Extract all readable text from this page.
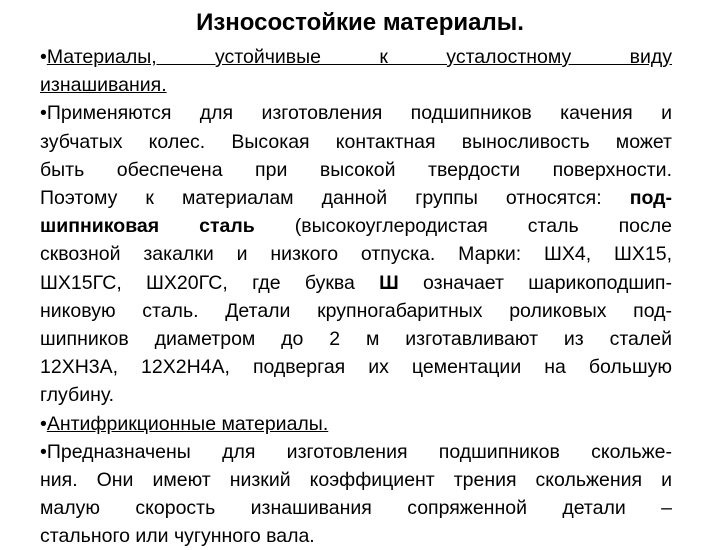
Износостойкие материалы.
•Материалы, устойчивые к усталостному виду
изнашивания.
•Применяются для изготовления подшипников качения и
зубчатых колес. Высокая контактная выносливость может
быть обеспечена при высокой твердости поверхности.
Поэтому к материалам данной группы относятся: под-
шипниковая сталь (высокоуглеродистая сталь после
сквозной закалки и низкого отпуска. Марки: ШХ4, ШХ15,
ШХ15ГС, ШХ20ГС, где буква Ш означает шарикоподшип-
никовую сталь. Детали крупногабаритных роликовых под-
шипников диаметром до 2 м изготавливают из сталей
12ХН3А, 12Х2Н4А, подвергая их цементации на большую
глубину.
•Антифрикционные материалы.
•Предназначены для изготовления подшипников скольже-
ния. Они имеют низкий коэффициент трения скольжения и
малую скорость изнашивания сопряженной детали –
стального или чугунного вала.
